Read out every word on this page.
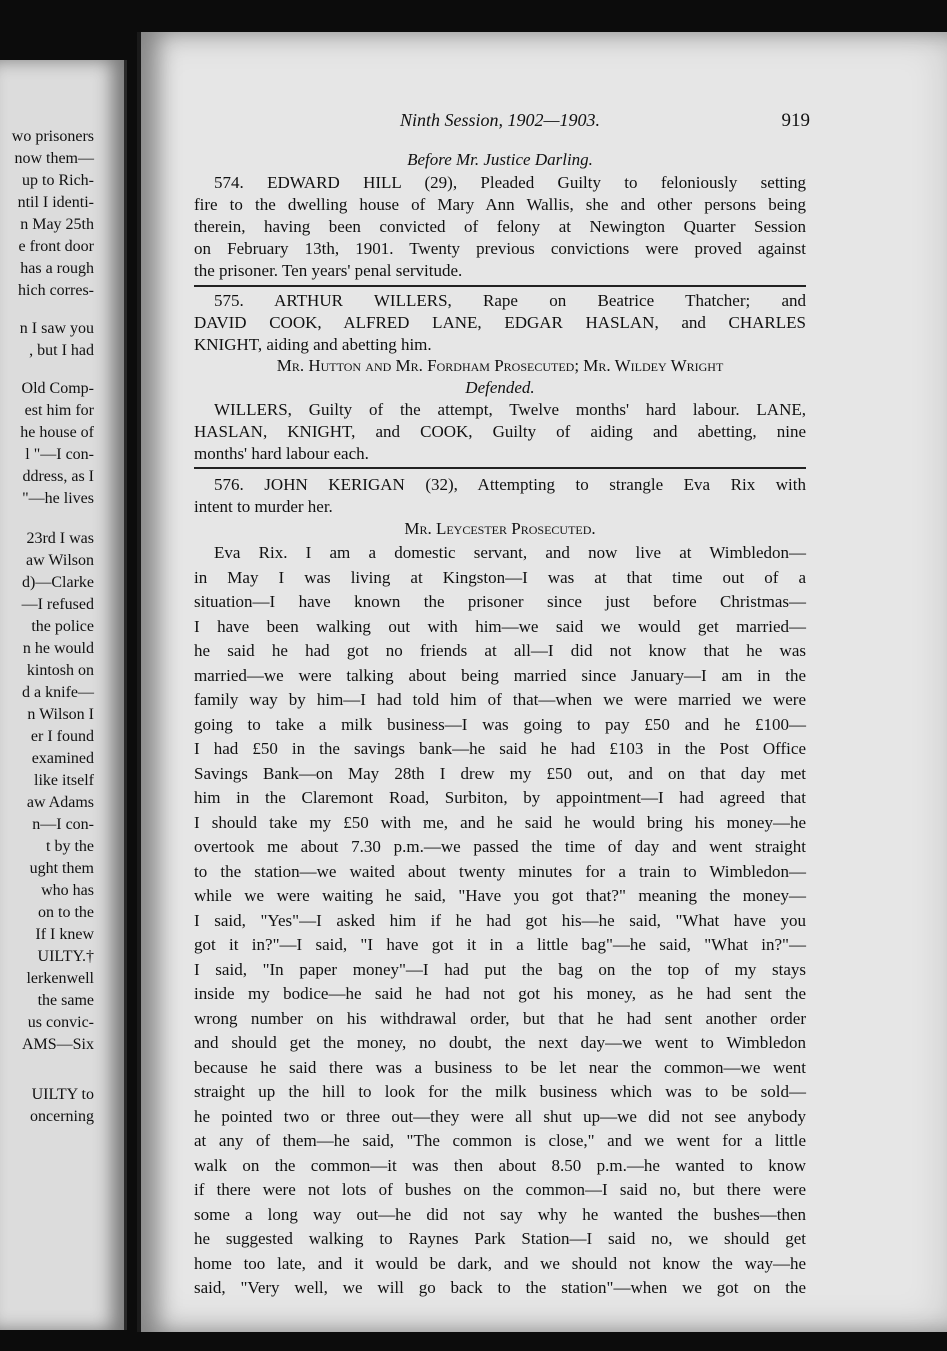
wo prisoners
now them—
up to Rich-
ntil I identi-
n May 25th
e front door
has a rough
hich corres-
n I saw you
, but I had
Old Comp-
est him for
he house of
l "—I con-
ddress, as I
"—he lives
23rd I was
aw Wilson
d)—Clarke
—I refused
the police
n he would
kintosh on
d a knife—
n Wilson I
er I found
examined
like itself
aw Adams
n—I con-
t by the
ught them
who has
on to the
If I knew
UILTY.†
lerkenwell
the same
us convic-
AMS—Six
UILTY to
oncerning
Ninth Session, 1902—1903.	919
Before Mr. Justice Darling.
574. EDWARD HILL (29), Pleaded Guilty to feloniously setting
fire to the dwelling house of Mary Ann Wallis, she and other persons being
therein, having been convicted of felony at Newington Quarter Session
on February 13th, 1901. Twenty previous convictions were proved against
the prisoner. Ten years' penal servitude.
575. ARTHUR WILLERS, Rape on Beatrice Thatcher; and
DAVID COOK, ALFRED LANE, EDGAR HASLAN, and CHARLES
KNIGHT, aiding and abetting him.
Mr. Hutton and Mr. Fordham Prosecuted; Mr. Wildey Wright
Defended.
WILLERS, Guilty of the attempt, Twelve months' hard labour. LANE,
HASLAN, KNIGHT, and COOK, Guilty of aiding and abetting, nine
months' hard labour each.
576. JOHN KERIGAN (32), Attempting to strangle Eva Rix with
intent to murder her.
Mr. Leycester Prosecuted.
Eva Rix. I am a domestic servant, and now live at Wimbledon—
in May I was living at Kingston—I was at that time out of a
situation—I have known the prisoner since just before Christmas—
I have been walking out with him—we said we would get married—
he said he had got no friends at all—I did not know that he was
married—we were talking about being married since January—I am in the
family way by him—I had told him of that—when we were married we were
going to take a milk business—I was going to pay £50 and he £100—
I had £50 in the savings bank—he said he had £103 in the Post Office
Savings Bank—on May 28th I drew my £50 out, and on that day met
him in the Claremont Road, Surbiton, by appointment—I had agreed that
I should take my £50 with me, and he said he would bring his money—he
overtook me about 7.30 p.m.—we passed the time of day and went straight
to the station—we waited about twenty minutes for a train to Wimbledon—
while we were waiting he said, "Have you got that?" meaning the money—
I said, "Yes"—I asked him if he had got his—he said, "What have you
got it in?"—I said, "I have got it in a little bag"—he said, "What in?"—
I said, "In paper money"—I had put the bag on the top of my stays
inside my bodice—he said he had not got his money, as he had sent the
wrong number on his withdrawal order, but that he had sent another order
and should get the money, no doubt, the next day—we went to Wimbledon
because he said there was a business to be let near the common—we went
straight up the hill to look for the milk business which was to be sold—
he pointed two or three out—they were all shut up—we did not see anybody
at any of them—he said, "The common is close," and we went for a little
walk on the common—it was then about 8.50 p.m.—he wanted to know
if there were not lots of bushes on the common—I said no, but there were
some a long way out—he did not say why he wanted the bushes—then
he suggested walking to Raynes Park Station—I said no, we should get
home too late, and it would be dark, and we should not know the way—he
said, "Very well, we will go back to the station"—when we got on the
